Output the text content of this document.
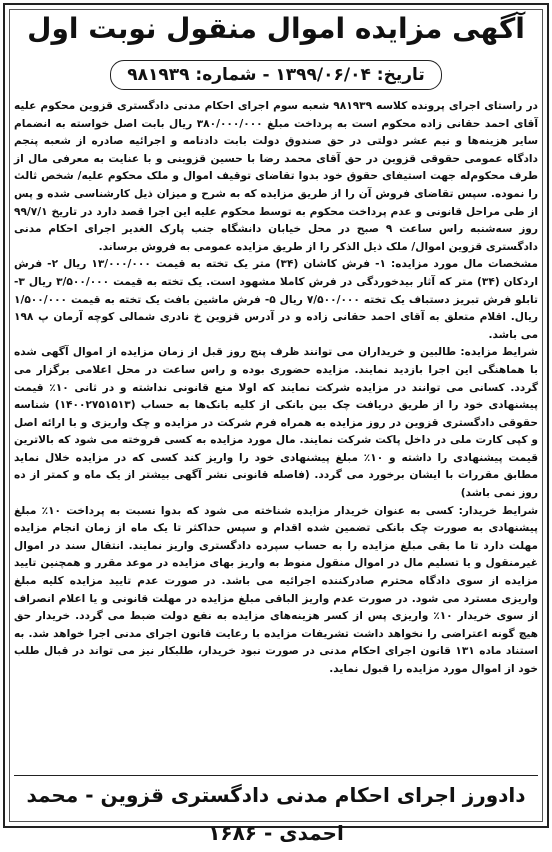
آگهی مزایده اموال منقول نوبت اول
تاریخ: ۱۳۹۹/۰۶/۰۴ - شماره: ۹۸۱۹۳۹

در راستای اجرای پرونده کلاسه ۹۸۱۹۳۹ شعبه سوم اجرای احکام مدنی دادگستری قزوین محکوم علیه آقای احمد حقانی زاده محکوم است به پرداخت مبلغ ۳۸۰/۰۰۰/۰۰۰ ریال بابت اصل خواسته به انضمام سایر هزینه‌ها و نیم عشر دولتی در حق صندوق دولت بابت دادنامه و اجرائیه صادره از شعبه پنجم دادگاه عمومی حقوقی قزوین در حق آقای محمد رضا با حسین قزوینی و با عنایت به معرفی مال از طرف محکوم‌له جهت استیفای حقوق خود بدوا تقاضای توقیف اموال و ملک محکوم علیه/ شخص ثالث را نموده. سپس تقاضای فروش آن را از طریق مزایده که به شرح و میزان ذیل کارشناسی شده و پس از طی مراحل قانونی و عدم پرداخت محکوم به توسط محکوم علیه این اجرا قصد دارد در تاریخ ۹۹/۷/۱ روز سه‌شنبه راس ساعت ۹ صبح در محل خیابان دانشگاه جنب پارک الغدیر اجرای احکام مدنی دادگستری قزوین اموال/ ملک ذیل الذکر را از طریق مزایده عمومی به فروش برساند.

مشخصات مال مورد مزایده: ۱- فرش کاشان (۳۴) متر یک تخته به قیمت ۱۳/۰۰۰/۰۰۰ ریال ۲- فرش اردکان (۳۴) متر که آثار بیدخوردگی در فرش کاملا مشهود است. یک تخته به قیمت ۳/۵۰۰/۰۰۰ ریال ۳- تابلو فرش تبریز دستباف یک تخته ۷/۵۰۰/۰۰۰ ریال ۵- فرش ماشین بافت یک تخته به قیمت ۱/۵۰۰/۰۰۰ ریال. اقلام متعلق به آقای احمد حقانی زاده و در آدرس قزوین خ نادری شمالی کوچه آرمان پ ۱۹۸ می باشد.

شرایط مزایده: طالبین و خریداران می توانند ظرف پنج روز قبل از زمان مزایده از اموال آگهی شده با هماهنگی این اجرا بازدید نمایند. مزایده حضوری بوده و راس ساعت در محل اعلامی برگزار می گردد. کسانی می توانند در مزایده شرکت نمایند که اولا منع قانونی نداشته و در ثانی ۱۰٪ قیمت پیشنهادی خود را از طریق دریافت چک بین بانکی از کلیه بانک‌ها به حساب (۱۴۰۰۲۷۵۱۵۱۳) شناسه حقوقی دادگستری قزوین در روز مزایده به همراه فرم شرکت در مزایده و چک واریزی و با ارائه اصل و کپی کارت ملی در داخل پاکت شرکت نمایند. مال مورد مزایده به کسی فروخته می شود که بالاترین قیمت پیشنهادی را داشته و ۱۰٪ مبلغ پیشنهادی خود را واریز کند کسی که در مزایده خلال نماید مطابق مقررات با ایشان برخورد می گردد. (فاصله قانونی نشر آگهی بیشتر از یک ماه و کمتر از ده روز نمی باشد)

شرایط خریدار: کسی به عنوان خریدار مزایده شناخته می شود که بدوا نسبت به پرداخت ۱۰٪ مبلغ پیشنهادی به صورت چک بانکی تضمین شده اقدام و سپس حداکثر تا یک ماه از زمان انجام مزایده مهلت دارد تا ما بقی مبلغ مزایده را به حساب سپرده دادگستری واریز نمایند. انتقال سند در اموال غیرمنقول و یا تسلیم مال در اموال منقول منوط به واریز بهای مزایده در موعد مقرر و همچنین تایید مزایده از سوی دادگاه محترم صادرکننده اجرائیه می باشد. در صورت عدم تایید مزایده کلیه مبلغ واریزی مسترد می شود. در صورت عدم واریز الباقی مبلغ مزایده در مهلت قانونی و یا اعلام انصراف از سوی خریدار ۱۰٪ واریزی پس از کسر هزینه‌های مزایده به نفع دولت ضبط می گردد. خریدار حق هیچ گونه اعتراضی را نخواهد داشت تشریفات مزایده با رعایت قانون اجرای مدنی اجرا خواهد شد. به استناد ماده ۱۳۱ قانون اجرای احکام مدنی در صورت نبود خریدار، طلبکار نیز می تواند در قبال طلب خود از اموال مورد مزایده را قبول نماید.

دادورز اجرای احکام مدنی دادگستری قزوین - محمد
